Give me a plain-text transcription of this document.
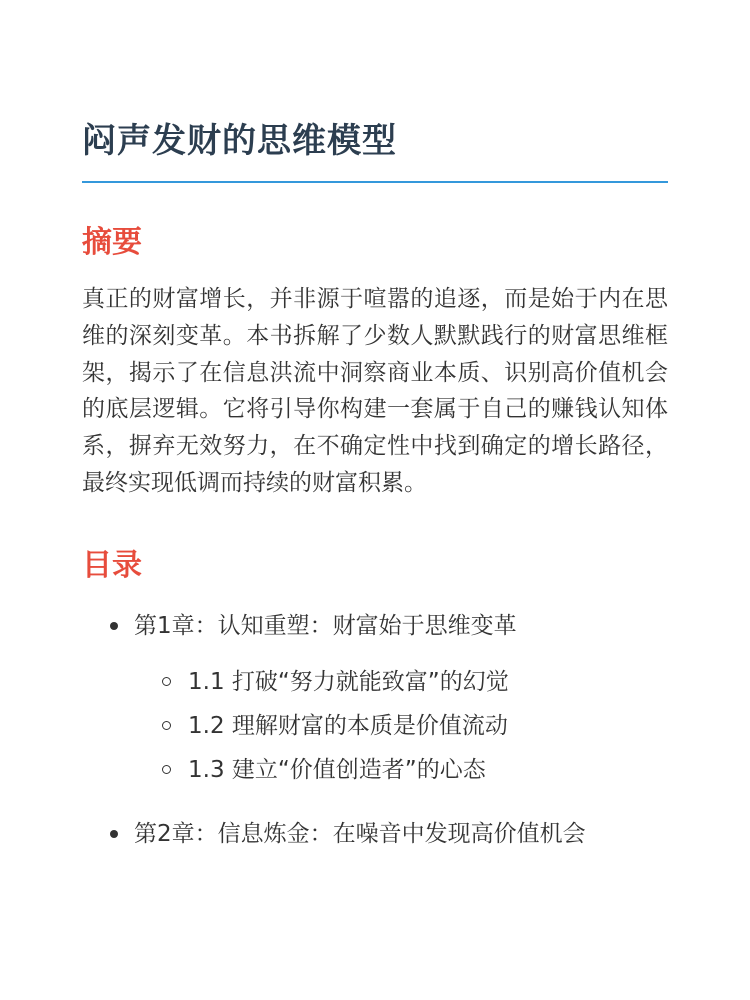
闷声发财的思维模型
摘要

真正的财富增长，并非源于喧嚣的追逐，而是始于内在思维的深刻变革。本书拆解了少数人默默践行的财富思维框架，揭示了在信息洪流中洞察商业本质、识别高价值机会的底层逻辑。它将引导你构建一套属于自己的赚钱认知体系，摒弃无效努力，在不确定性中找到确定的增长路径，最终实现低调而持续的财富积累。

目录
第1章：认知重塑：财富始于思维变革
1.1 打破“努力就能致富”的幻觉
1.2 理解财富的本质是价值流动
1.3 建立“价值创造者”的心态
第2章：信息炼金：在噪音中发现高价值机会
